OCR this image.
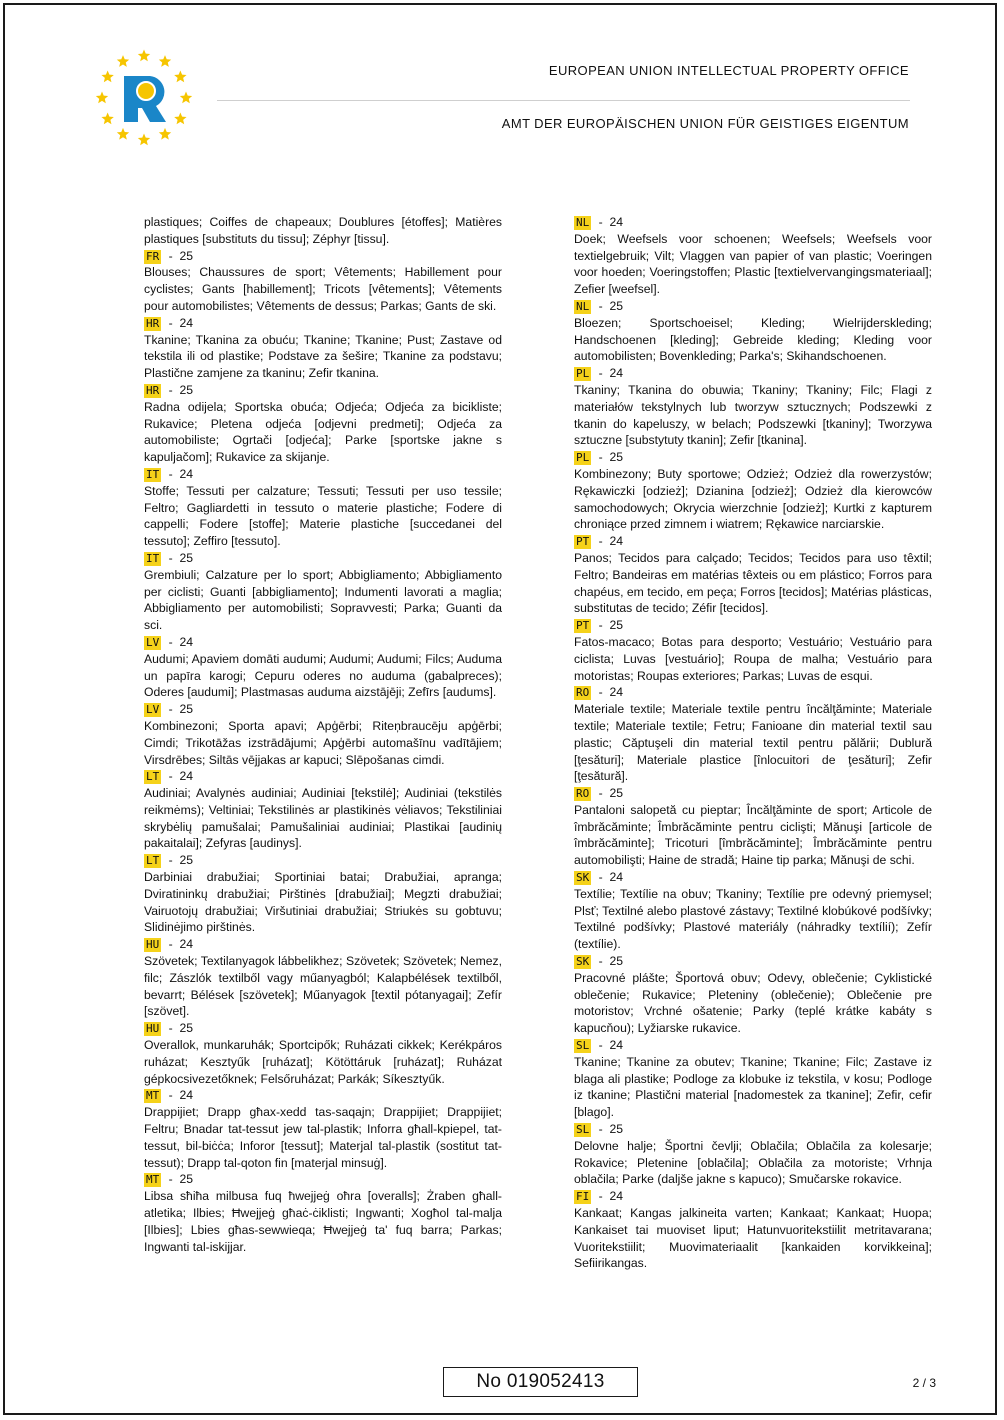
EUROPEAN UNION INTELLECTUAL PROPERTY OFFICE
AMT DER EUROPÄISCHEN UNION FÜR GEISTIGES EIGENTUM
plastiques; Coiffes de chapeaux; Doublures [étoffes]; Matières plastiques [substituts du tissu]; Zéphyr [tissu].
FR - 25
Blouses; Chaussures de sport; Vêtements; Habillement pour cyclistes; Gants [habillement]; Tricots [vêtements]; Vêtements pour automobilistes; Vêtements de dessus; Parkas; Gants de ski.
HR - 24
Tkanine; Tkanina za obuću; Tkanine; Tkanine; Pust; Zastave od tekstila ili od plastike; Podstave za šešire; Tkanine za podstavu; Plastične zamjene za tkaninu; Zefir tkanina.
HR - 25
Radna odijela; Sportska obuća; Odjeća; Odjeća za bicikliste; Rukavice; Pletena odjeća [odjevni predmeti]; Odjeća za automobiliste; Ogrtači [odjeća]; Parke [sportske jakne s kapuljačom]; Rukavice za skijanje.
IT - 24
Stoffe; Tessuti per calzature; Tessuti; Tessuti per uso tessile; Feltro; Gagliardetti in tessuto o materie plastiche; Fodere di cappelli; Fodere [stoffe]; Materie plastiche [succedanei del tessuto]; Zeffiro [tessuto].
IT - 25
Grembiuli; Calzature per lo sport; Abbigliamento; Abbigliamento per ciclisti; Guanti [abbigliamento]; Indumenti lavorati a maglia; Abbigliamento per automobilisti; Sopravvesti; Parka; Guanti da sci.
LV - 24
Audumi; Apaviem domāti audumi; Audumi; Audumi; Filcs; Auduma un papīra karogi; Cepuru oderes no auduma (gabalpreces); Oderes [audumi]; Plastmasas auduma aizstājēji; Zefīrs [audums].
LV - 25
Kombinezoni; Sporta apavi; Apģērbi; Riteņbraucēju apģērbi; Cimdi; Trikotāžas izstrādājumi; Apģērbi automašīnu vadītājiem; Virsdrēbes; Siltās vējjakas ar kapuci; Slēpošanas cimdi.
LT - 24
Audiniai; Avalynės audiniai; Audiniai [tekstilė]; Audiniai (tekstilės reikmėms); Veltiniai; Tekstilinės ar plastikinės vėliavos; Tekstiliniai skrybėlių pamušalai; Pamušaliniai audiniai; Plastikai [audinių pakaitalai]; Zefyras [audinys].
LT - 25
Darbiniai drabužiai; Sportiniai batai; Drabužiai, apranga; Dviratininkų drabužiai; Pirštinės [drabužiai]; Megzti drabužiai; Vairuotojų drabužiai; Viršutiniai drabužiai; Striukės su gobtuvu; Slidinėjimo pirštinės.
HU - 24
Szövetek; Textilanyagok lábbelikhez; Szövetek; Szövetek; Nemez, filc; Zászlók textilből vagy műanyagból; Kalapbélések textilből, bevarrt; Bélések [szövetek]; Műanyagok [textil pótanyagai]; Zefír [szövet].
HU - 25
Overallok, munkaruhák; Sportcipők; Ruházati cikkek; Kerékpáros ruházat; Kesztyűk [ruházat]; Kötöttáruk [ruházat]; Ruházat gépkocsivezetőknek; Felsőruházat; Parkák; Síkesztyűk.
MT - 24
Drappijiet; Drapp għax-xedd tas-saqajn; Drappijiet; Drappijiet; Feltru; Bnadar tat-tessut jew tal-plastik; Inforra għall-kpiepel, tat-tessut, bil-biċċa; Inforor [tessut]; Materjal tal-plastik (sostitut tat-tessut); Drapp tal-qoton fin [materjal minsuġ].
MT - 25
Libsa sħiħa milbusa fuq ħwejjeġ oħra [overalls]; Żraben għall-atletika; Ilbies; Ħwejjeġ għaċ-ċiklisti; Ingwanti; Xogħol tal-malja [Ilbies]; Lbies għas-sewwieqa; Ħwejjeġ ta' fuq barra; Parkas; Ingwanti tal-iskijjar.
NL - 24
Doek; Weefsels voor schoenen; Weefsels; Weefsels voor textielgebruik; Vilt; Vlaggen van papier of van plastic; Voeringen voor hoeden; Voeringstoffen; Plastic [textielvervangingsmateriaal]; Zefier [weefsel].
NL - 25
Bloezen; Sportschoeisel; Kleding; Wielrijderskleding; Handschoenen [kleding]; Gebreide kleding; Kleding voor automobilisten; Bovenkleding; Parka's; Skihandschoenen.
PL - 24
Tkaniny; Tkanina do obuwia; Tkaniny; Tkaniny; Filc; Flagi z materiałów tekstylnych lub tworzyw sztucznych; Podszewki z tkanin do kapeluszy, w belach; Podszewki [tkaniny]; Tworzywa sztuczne [substytuty tkanin]; Zefir [tkanina].
PL - 25
Kombinezony; Buty sportowe; Odzież; Odzież dla rowerzystów; Rękawiczki [odzież]; Dzianina [odzież]; Odzież dla kierowców samochodowych; Okrycia wierzchnie [odzież]; Kurtki z kapturem chroniące przed zimnem i wiatrem; Rękawice narciarskie.
PT - 24
Panos; Tecidos para calçado; Tecidos; Tecidos para uso têxtil; Feltro; Bandeiras em matérias têxteis ou em plástico; Forros para chapéus, em tecido, em peça; Forros [tecidos]; Matérias plásticas, substitutas de tecido; Zéfir [tecidos].
PT - 25
Fatos-macaco; Botas para desporto; Vestuário; Vestuário para ciclista; Luvas [vestuário]; Roupa de malha; Vestuário para motoristas; Roupas exteriores; Parkas; Luvas de esqui.
RO - 24
Materiale textile; Materiale textile pentru încălţăminte; Materiale textile; Materiale textile; Fetru; Fanioane din material textil sau plastic; Căptuşeli din material textil pentru pălării; Dublură [ţesături]; Materiale plastice [înlocuitori de ţesături]; Zefir [ţesătură].
RO - 25
Pantaloni salopetă cu pieptar; Încălţăminte de sport; Articole de îmbrăcăminte; Îmbrăcăminte pentru ciclişti; Mănuşi [articole de îmbrăcăminte]; Tricoturi [îmbrăcăminte]; Îmbrăcăminte pentru automobilişti; Haine de stradă; Haine tip parka; Mănuşi de schi.
SK - 24
Textílie; Textílie na obuv; Tkaniny; Textílie pre odevný priemysel; Plsť; Textilné alebo plastové zástavy; Textilné klobúkové podšívky; Textilné podšívky; Plastové materiály (náhradky textílií); Zefír (textílie).
SK - 25
Pracovné plášte; Športová obuv; Odevy, oblečenie; Cyklistické oblečenie; Rukavice; Pleteniny (oblečenie); Oblečenie pre motoristov; Vrchné ošatenie; Parky (teplé krátke kabáty s kapucňou); Lyžiarske rukavice.
SL - 24
Tkanine; Tkanine za obutev; Tkanine; Tkanine; Filc; Zastave iz blaga ali plastike; Podloge za klobuke iz tekstila, v kosu; Podloge iz tkanine; Plastični material [nadomestek za tkanine]; Zefir, cefir [blago].
SL - 25
Delovne halje; Športni čevlji; Oblačila; Oblačila za kolesarje; Rokavice; Pletenine [oblačila]; Oblačila za motoriste; Vrhnja oblačila; Parke (daljše jakne s kapuco); Smučarske rokavice.
FI - 24
Kankaat; Kangas jalkineita varten; Kankaat; Kankaat; Huopa; Kankaiset tai muoviset liput; Hatunvuoritekstiilit metritavarana; Vuoritekstiilit; Muovimateriaalit [kankaiden korvikkeina]; Sefiirikangas.
No 019052413	2 / 3
